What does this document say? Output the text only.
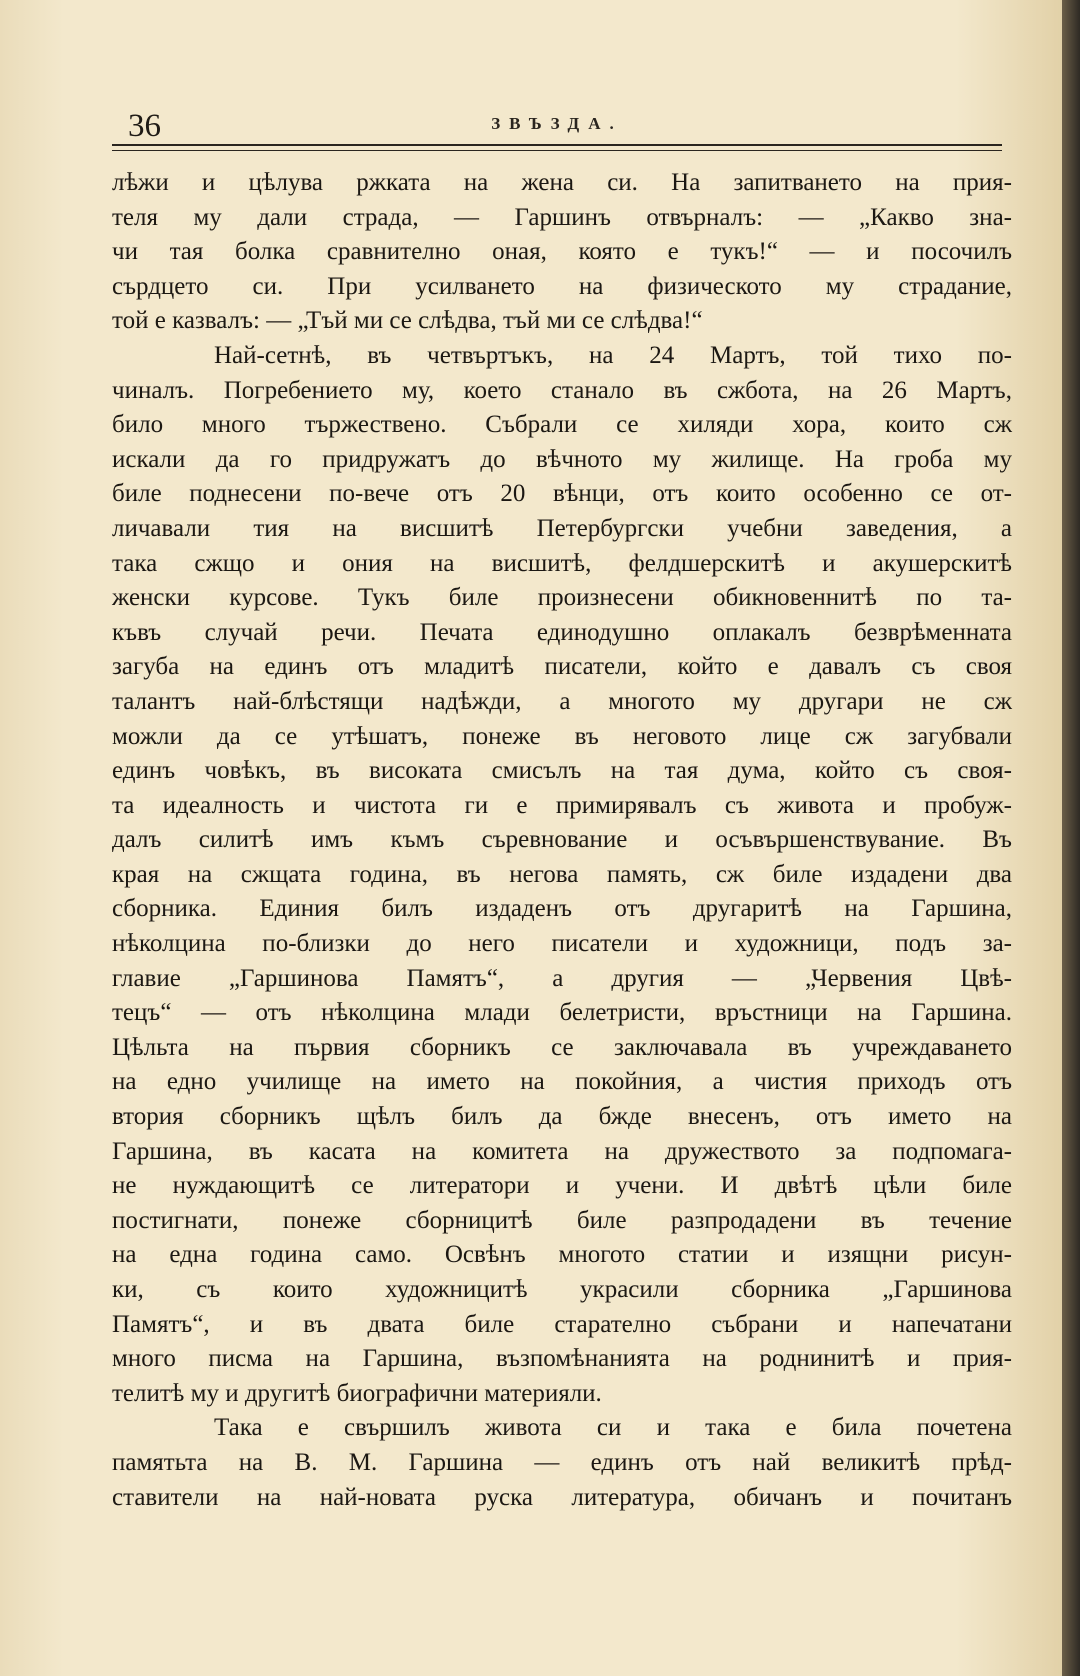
36	ЗВЪЗДА.
лѣжи и цѣлува ржката на жена си. На запитването на прия-
теля му дали страда, — Гаршинъ отвърналъ: — „Какво зна-
чи тая болка сравнително оная, която е тукъ!“ — и посочилъ
сърдцето си. При усилването на физическото му страдание,
той е казвалъ: — „Тъй ми се слѣдва, тъй ми се слѣдва!“
Най-сетнѣ, въ четвъртъкъ, на 24 Мартъ, той тихо по-
чиналъ. Погребението му, което станало въ сжбота, на 26 Мартъ,
било много тържествено. Събрали се хиляди хора, които сж
искали да го придружатъ до вѣчното му жилище. На гроба му
биле поднесени по-вече отъ 20 вѣнци, отъ които особенно се от-
личавали тия на висшитѣ Петербургски учебни заведения, а
така сжщо и ония на висшитѣ, фелдшерскитѣ и акушерскитѣ
женски курсове. Тукъ биле произнесени обикновеннитѣ по та-
къвъ случай речи. Печата единодушно оплакалъ безврѣменната
загуба на единъ отъ младитѣ писатели, който е давалъ съ своя
талантъ най-блѣстящи надѣжди, а многото му другари не сж
можли да се утѣшатъ, понеже въ неговото лице сж загубвали
единъ човѣкъ, въ високата смисълъ на тая дума, който съ своя-
та идеалность и чистота ги е примирявалъ съ живота и пробуж-
далъ силитѣ имъ къмъ съревнование и осъвършенствувание. Въ
края на сжщата година, въ негова память, сж биле издадени два
сборника. Единия билъ издаденъ отъ другаритѣ на Гаршина,
нѣколцина по-близки до него писатели и художници, подъ за-
главие „Гаршинова Памятъ“, а другия — „Червения Цвѣ-
тецъ“ — отъ нѣколцина млади белетристи, връстници на Гаршина.
Цѣльта на първия сборникъ се заключавала въ учреждаването
на едно училище на името на покойния, а чистия приходъ отъ
втория сборникъ щѣлъ билъ да бжде внесенъ, отъ името на
Гаршина, въ касата на комитета на дружеството за подпомага-
не нуждающитѣ се литератори и учени. И двѣтѣ цѣли биле
постигнати, понеже сборницитѣ биле разпродадени въ течение
на една година само. Освѣнъ многото статии и изящни рисун-
ки, съ които художницитѣ украсили сборника „Гаршинова
Памятъ“, и въ двата биле старателно събрани и напечатани
много писма на Гаршина, възпомѣнанията на роднинитѣ и прия-
телитѣ му и другитѣ биографични материяли.
Така е свършилъ живота си и така е била почетена
памятьта на В. М. Гаршина — единъ отъ най великитѣ прѣд-
ставители на най-новата руска литература, обичанъ и почитанъ
